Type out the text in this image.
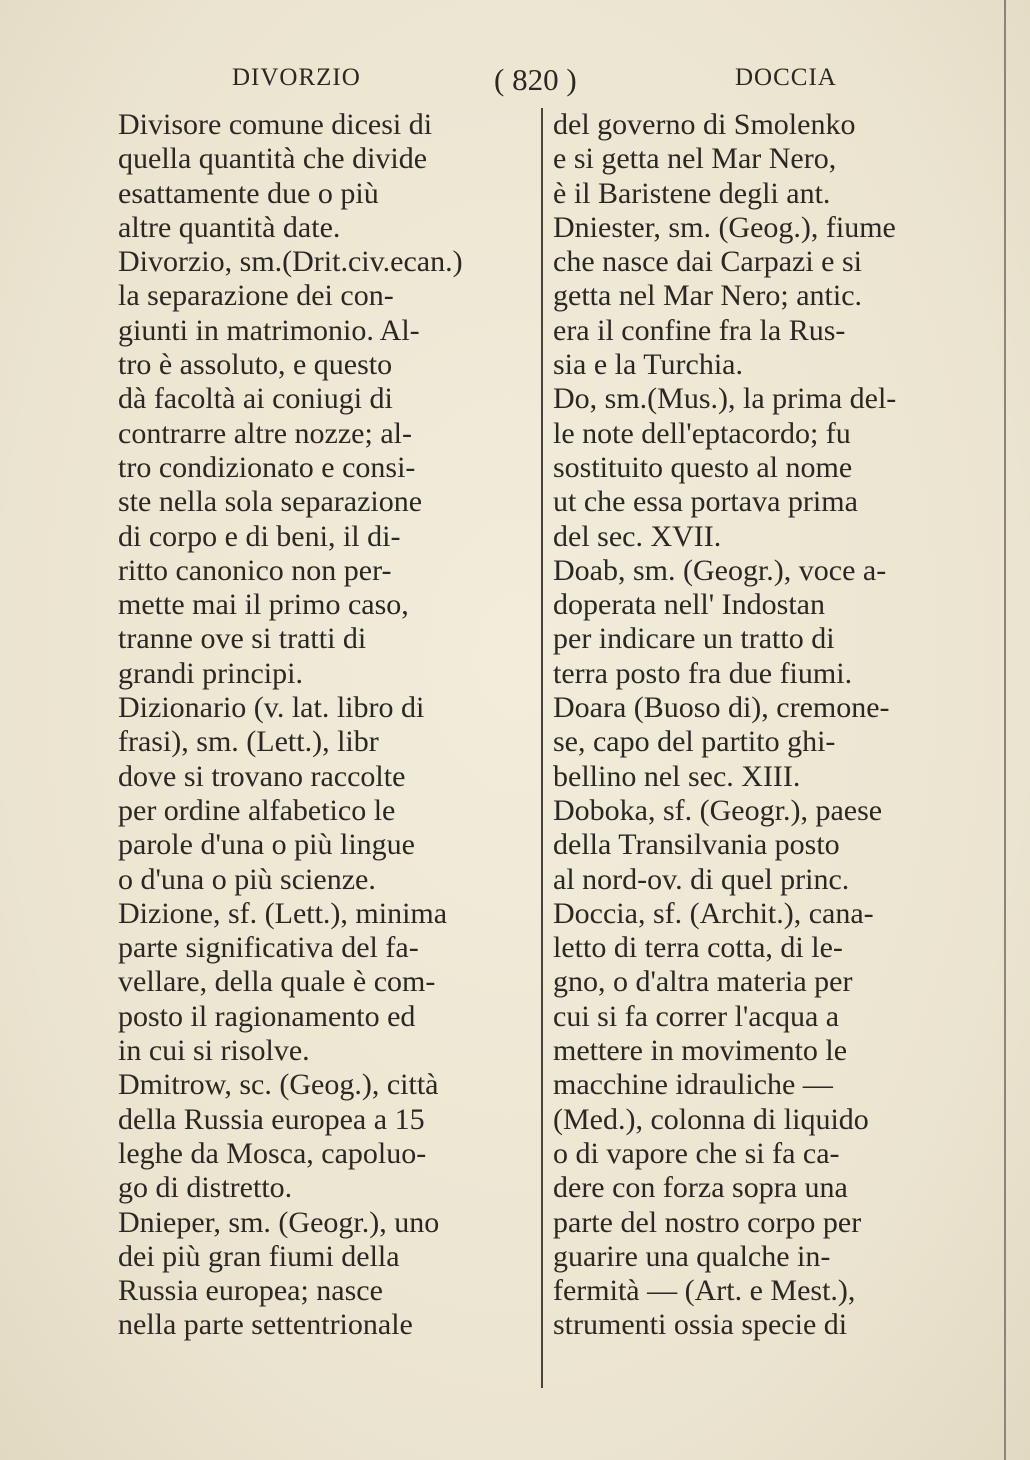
DIVORZIO	( 820 )	DOCCIA
Divisore comune dicesi di
quella quantità che divide
esattamente due o più
altre quantità date.
Divorzio, sm.(Drit.civ.ecan.)
la separazione dei con-
giunti in matrimonio. Al-
tro è assoluto, e questo
dà facoltà ai coniugi di
contrarre altre nozze; al-
tro condizionato e consi-
ste nella sola separazione
di corpo e di beni, il di-
ritto canonico non per-
mette mai il primo caso,
tranne ove si tratti di
grandi principi.
Dizionario (v. lat. libro di
frasi), sm. (Lett.), libr
dove si trovano raccolte
per ordine alfabetico le
parole d'una o più lingue
o d'una o più scienze.
Dizione, sf. (Lett.), minima
parte significativa del fa-
vellare, della quale è com-
posto il ragionamento ed
in cui si risolve.
Dmitrow, sc. (Geog.), città
della Russia europea a 15
leghe da Mosca, capoluo-
go di distretto.
Dnieper, sm. (Geogr.), uno
dei più gran fiumi della
Russia europea; nasce
nella parte settentrionale
del governo di Smolenko
e si getta nel Mar Nero,
è il Baristene degli ant.
Dniester, sm. (Geog.), fiume
che nasce dai Carpazi e si
getta nel Mar Nero; antic.
era il confine fra la Rus-
sia e la Turchia.
Do, sm.(Mus.), la prima del-
le note dell'eptacordo; fu
sostituito questo al nome
ut che essa portava prima
del sec. XVII.
Doab, sm. (Geogr.), voce a-
doperata nell' Indostan
per indicare un tratto di
terra posto fra due fiumi.
Doara (Buoso di), cremone-
se, capo del partito ghi-
bellino nel sec. XIII.
Doboka, sf. (Geogr.), paese
della Transilvania posto
al nord-ov. di quel princ.
Doccia, sf. (Archit.), cana-
letto di terra cotta, di le-
gno, o d'altra materia per
cui si fa correr l'acqua a
mettere in movimento le
macchine idrauliche —
(Med.), colonna di liquido
o di vapore che si fa ca-
dere con forza sopra una
parte del nostro corpo per
guarire una qualche in-
fermità — (Art. e Mest.),
strumenti ossia specie di
